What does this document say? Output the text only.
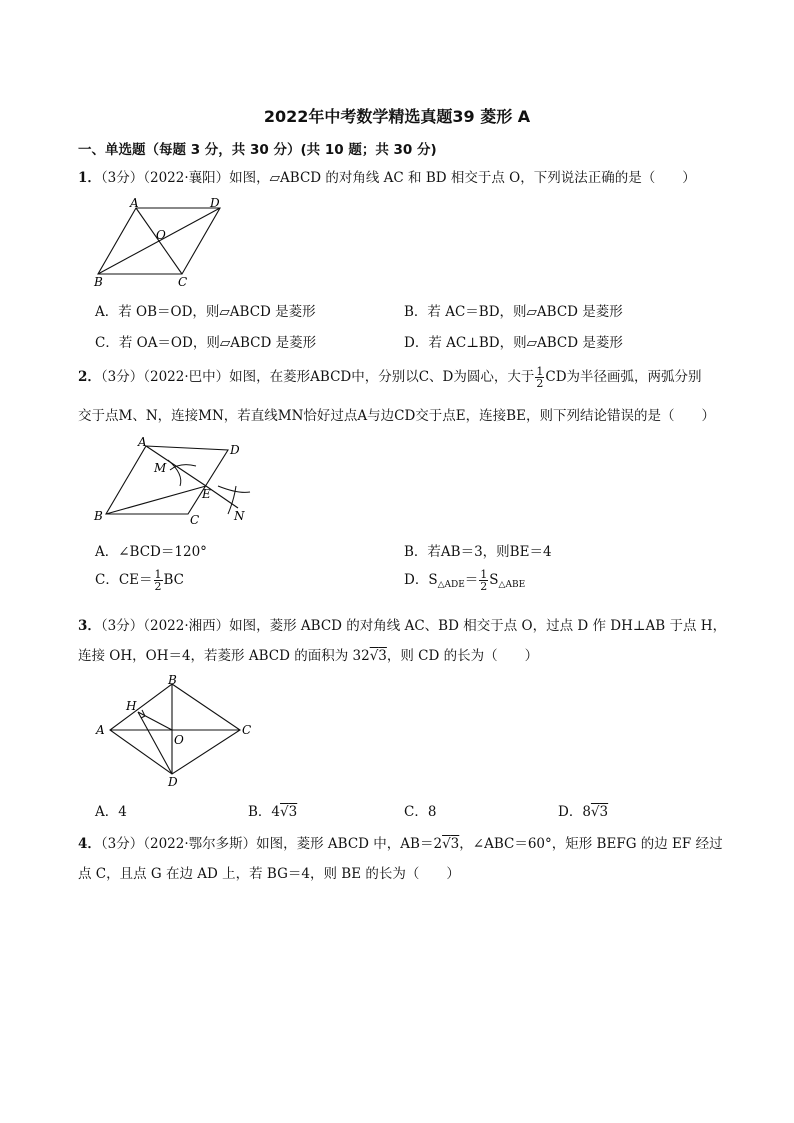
2022年中考数学精选真题39 菱形 A
一、单选题（每题 3 分，共 30 分）(共 10 题；共 30 分)
1．（3分）（2022·襄阳）如图，▱ABCD 的对角线 AC 和 BD 相交于点 O，下列说法正确的是（　　）
A	D
O
B	C
A．若 OB＝OD，则▱ABCD 是菱形	B．若 AC＝BD，则▱ABCD 是菱形
C．若 OA＝OD，则▱ABCD 是菱形	D．若 AC⊥BD，则▱ABCD 是菱形
2．（3分）（2022·巴中）如图，在菱形ABCD中，分别以C、D为圆心，大于 $\frac{1}{2}$ CD为半径画弧，两弧分别
交于点M、N，连接MN，若直线MN恰好过点A与边CD交于点E，连接BE，则下列结论错误的是（　　）
A
D
M
E
B	C	N
A．∠BCD＝120°	B．若AB＝3，则BE＝4
C．$CE= \frac{1}{2}$ BC	D．$S_{\triangle ADE}= \frac{1}{2} S_{\triangle ABE}$
3．（3分）（2022·湘西）如图，菱形 ABCD 的对角线 AC、BD 相交于点 O，过点 D 作 DH⊥AB 于点 H，
连接 OH，OH＝4，若菱形 ABCD 的面积为 32√3，则 CD 的长为（　　）
B
H
A
O
C
D
A．4	B．4√3	C．8	D．8√3
4．（3分）（2022·鄂尔多斯）如图，菱形 ABCD 中，AB＝2√3，∠ABC＝60°，矩形 BEFG 的边 EF 经过
点 C，且点 G 在边 AD 上，若 BG＝4，则 BE 的长为（　　）
